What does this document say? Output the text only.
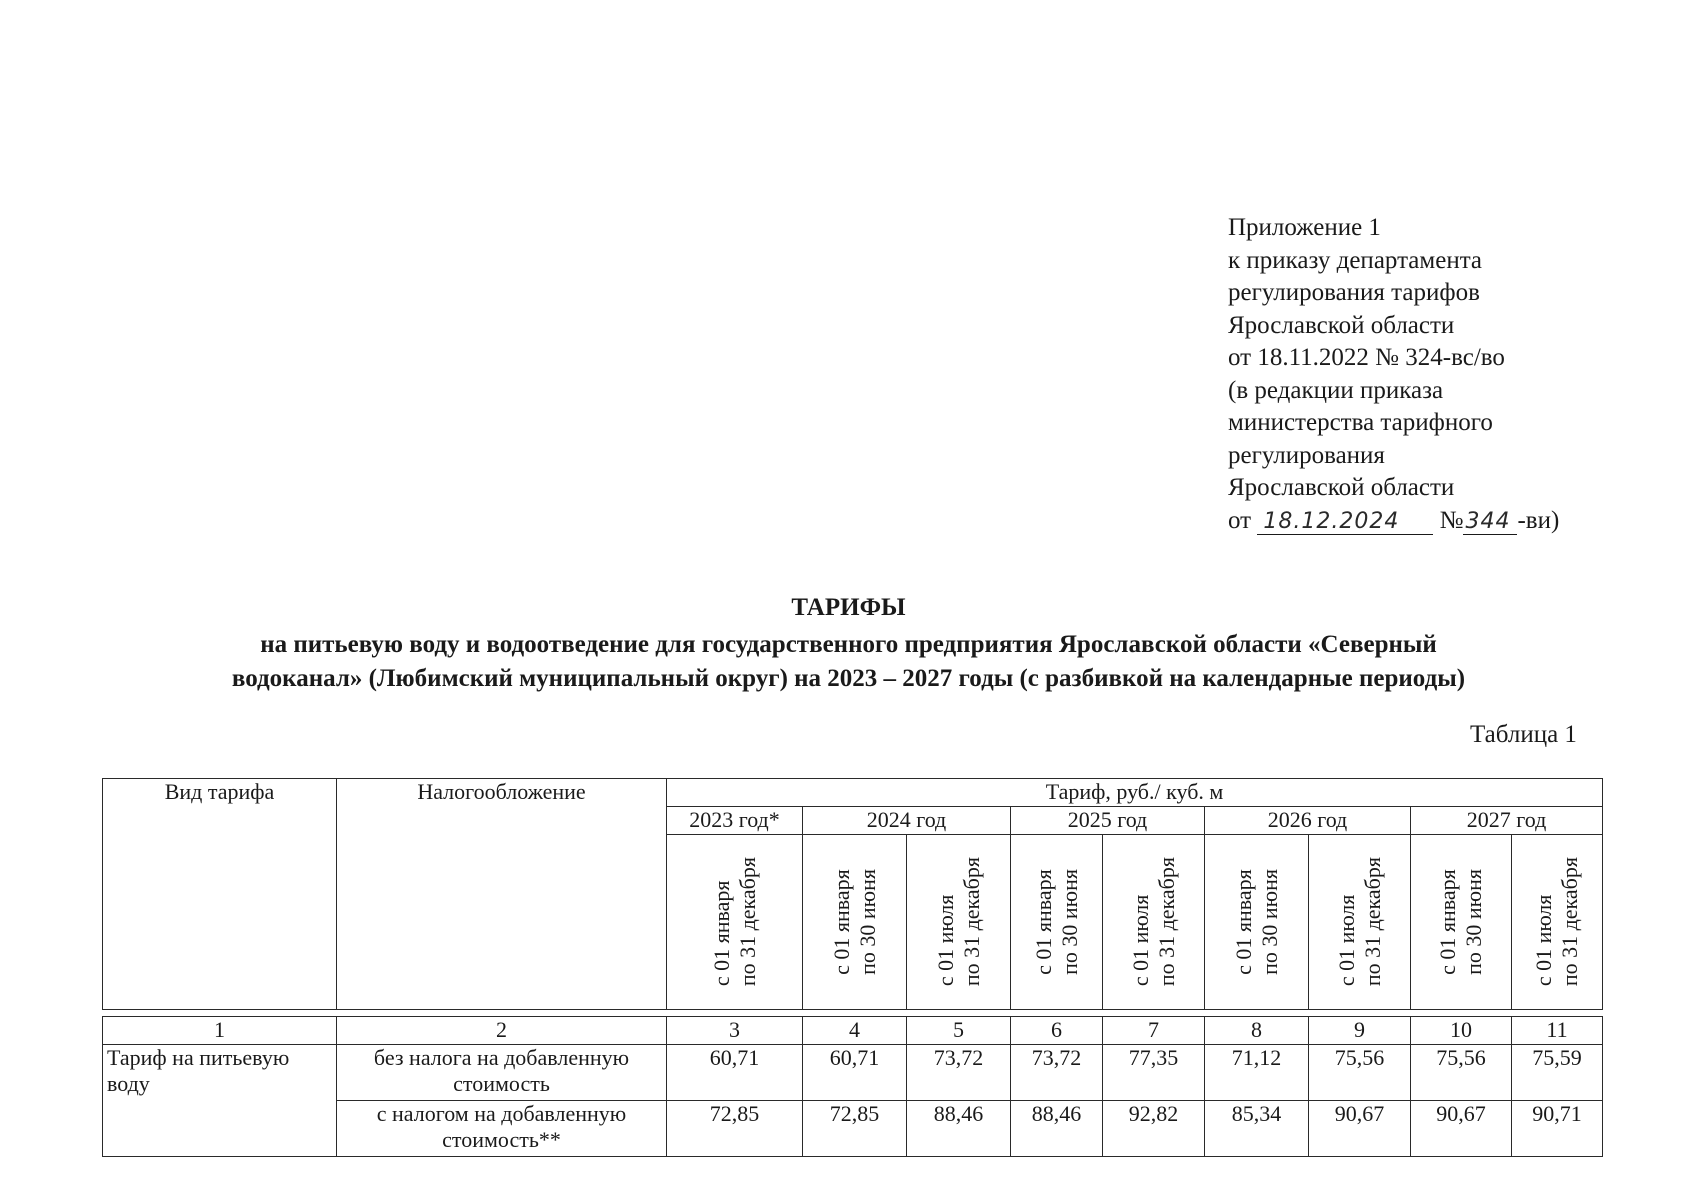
Приложение 1
к приказу департамента
регулирования тарифов
Ярославской области
от 18.11.2022 № 324-вс/во
(в редакции приказа
министерства тарифного
регулирования
Ярославской области
от 18.12.2024 №344 -ви)
ТАРИФЫ
на питьевую воду и водоотведение для государственного предприятия Ярославской области «Северный
водоканал» (Любимский муниципальный округ) на 2023 – 2027 годы (с разбивкой на календарные периоды)
Таблица 1
Вид тарифа	Налогообложение	Тариф, руб./ куб. м								
		2023 год*	2024 год		2025 год		2026 год		2027 год	

		с 01 января
по 31 декабря	с 01 января
по 30 июня	с 01 июля
по 31 декабря	с 01 января
по 30 июня	с 01 июля
по 31 декабря	с 01 января
по 30 июня	с 01 июля
по 31 декабря	с 01 января
по 30 июня	с 01 июля
по 31 декабря
1	2	3	4	5	6	7	8	9	10	11
Тариф на питьевую воду	без налога на добавленную стоимость	60,71	60,71	73,72	73,72	77,35	71,12	75,56	75,56	75,59
	с налогом на добавленную стоимость**	72,85	72,85	88,46	88,46	92,82	85,34	90,67	90,67	90,71
